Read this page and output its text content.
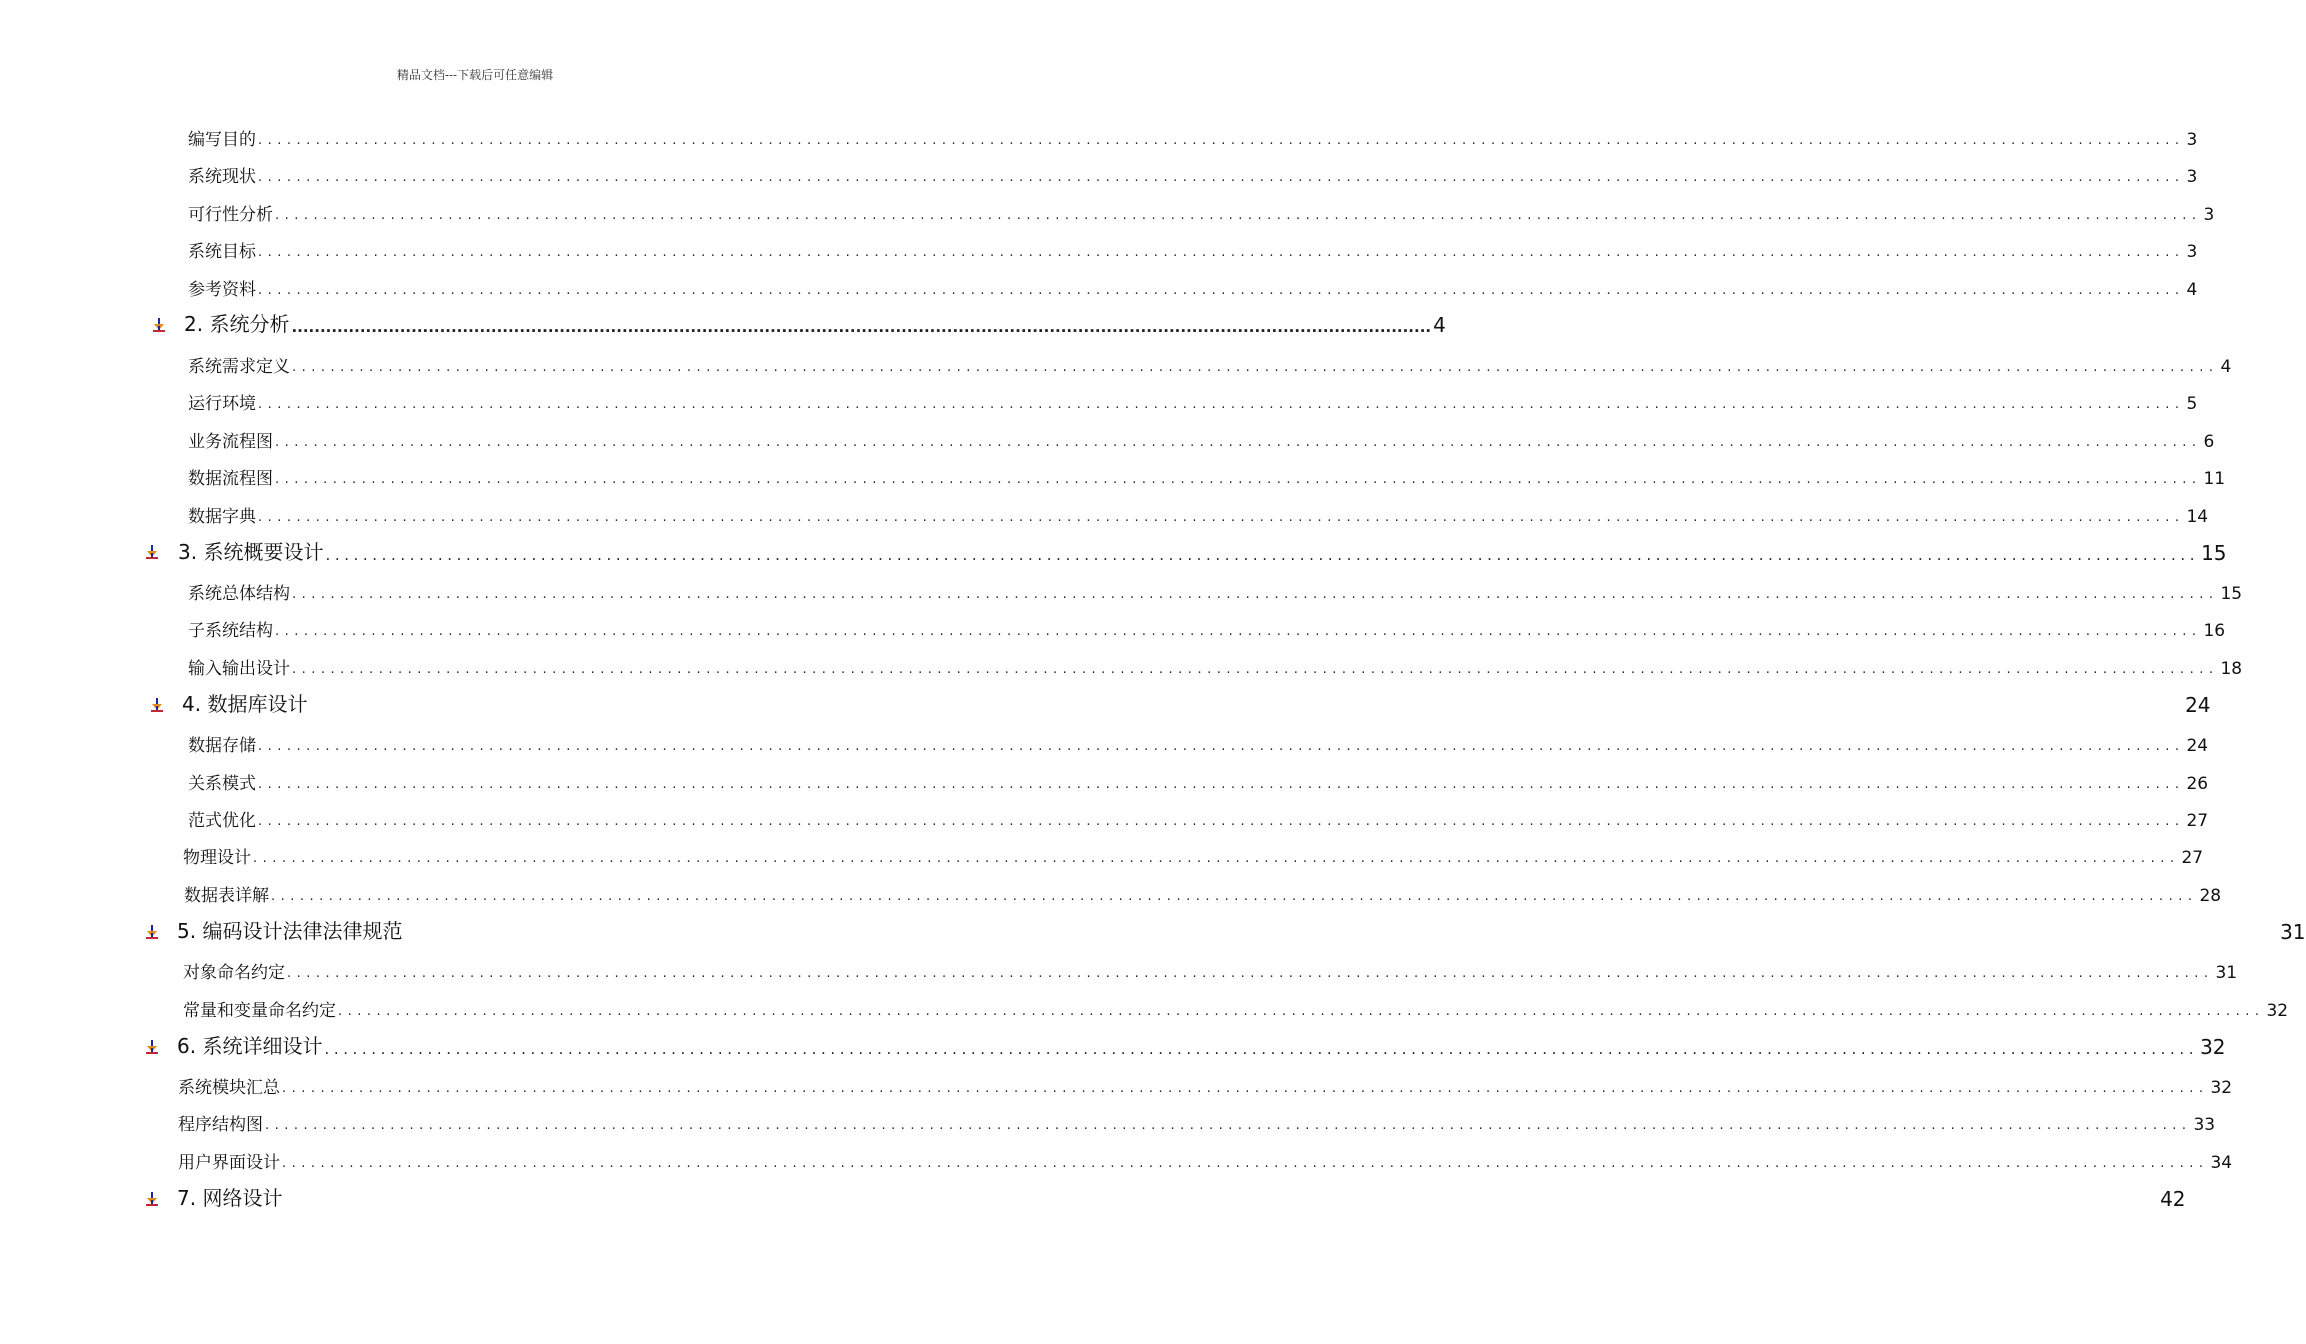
精品文档---下载后可任意编辑
编写目的 ........................................................................................................................................................................................................ 3
系统现状 ........................................................................................................................................................................................................ 3
可行性分析 ........................................................................................................................................................................................................ 3
系统目标 ........................................................................................................................................................................................................ 3
参考资料 ........................................................................................................................................................................................................ 4
2. 系统分析 ........................................................................................................................................................................................................ 4
系统需求定义 ........................................................................................................................................................................................................ 4
运行环境 ........................................................................................................................................................................................................ 5
业务流程图 ........................................................................................................................................................................................................ 6
数据流程图 ........................................................................................................................................................................................................ 11
数据字典 ........................................................................................................................................................................................................ 14
3. 系统概要设计 ........................................................................................................................................................................................................ 15
系统总体结构 ........................................................................................................................................................................................................ 15
子系统结构 ........................................................................................................................................................................................................ 16
输入输出设计 ........................................................................................................................................................................................................ 18
4. 数据库设计	24
数据存储 ........................................................................................................................................................................................................ 24
关系模式 ........................................................................................................................................................................................................ 26
范式优化 ........................................................................................................................................................................................................ 27
物理设计 ........................................................................................................................................................................................................ 27
数据表详解 ........................................................................................................................................................................................................ 28
5. 编码设计法律法律规范	31
对象命名约定 ........................................................................................................................................................................................................ 31
常量和变量命名约定 ........................................................................................................................................................................................................ 32
6. 系统详细设计 ........................................................................................................................................................................................................ 32
系统模块汇总 ........................................................................................................................................................................................................ 32
程序结构图 ........................................................................................................................................................................................................ 33
用户界面设计 ........................................................................................................................................................................................................ 34
7. 网络设计	42
